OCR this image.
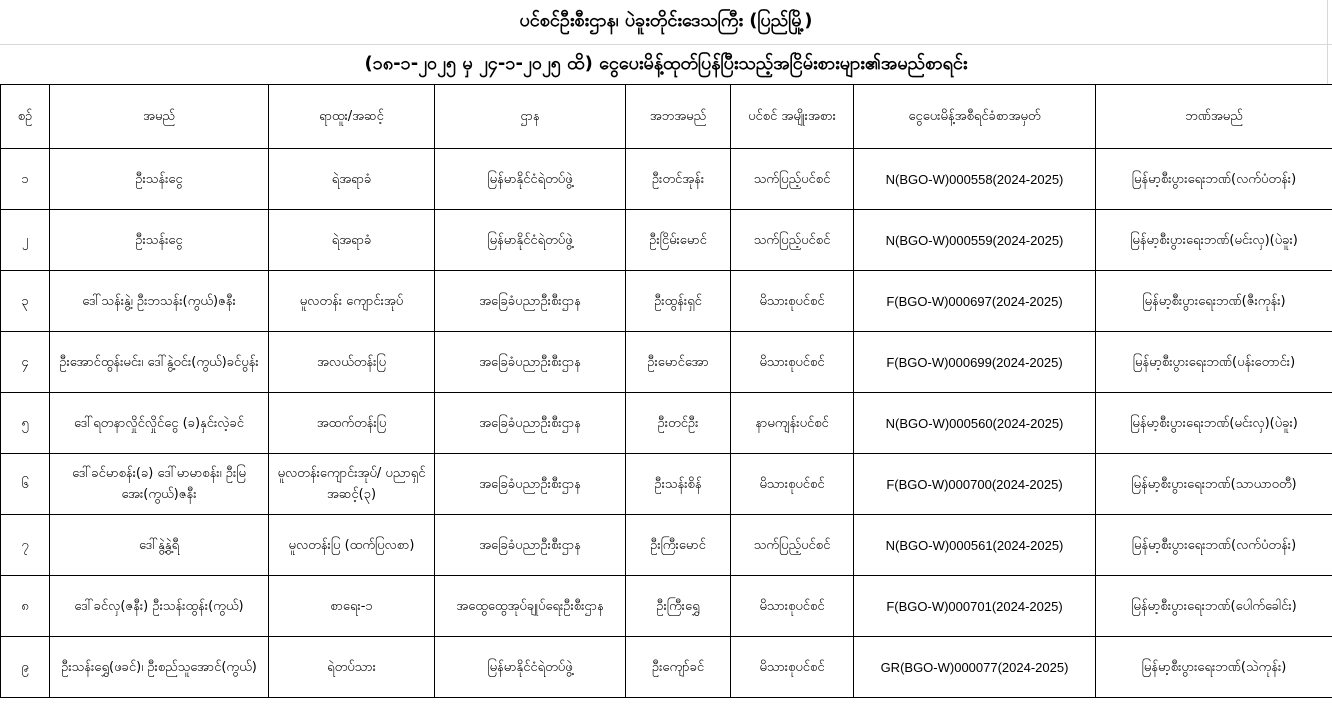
ပင်စင်ဦးစီးဌာန၊ ပဲခူးတိုင်းဒေသကြီး (ပြည်မြို့)
(၁၈-၁-၂၀၂၅ မှ ၂၄-၁-၂၀၂၅ ထိ) ငွေပေးမိန့်ထုတ်ပြန်ပြီးသည့်အငြိမ်းစားများ၏အမည်စာရင်း
စဉ်	အမည်	ရာထူး/အဆင့်	ဌာန	အဘအမည်	ပင်စင် အမျိုးအစား	ငွေပေးမိန့်အစီရင်ခံစာအမှတ်	ဘဏ်အမည်
၁	ဦးသန်းငွေ	ရဲအရာခံ	မြန်မာနိုင်ငံရဲတပ်ဖွဲ့	ဦးတင်အုန်း	သက်ပြည့်ပင်စင်	N(BGO-W)000558(2024-2025)	မြန်မာ့စီးပွားရေးဘဏ်(လက်ပံတန်း)
၂	ဦးသန်းငွေ	ရဲအရာခံ	မြန်မာနိုင်ငံရဲတပ်ဖွဲ့	ဦးငြိမ်းမောင်	သက်ပြည့်ပင်စင်	N(BGO-W)000559(2024-2025)	မြန်မာ့စီးပွားရေးဘဏ်(မင်းလှ)(ပဲခူး)
၃	ဒေါ်သန်းနွဲ့၊ ဦးဘသန်း(ကွယ်)ဇနီး	မူလတန်း ကျောင်းအုပ်	အခြေခံပညာဦးစီးဌာန	ဦးထွန်းရှင်	မိသားစုပင်စင်	F(BGO-W)000697(2024-2025)	မြန်မာ့စီးပွားရေးဘဏ်(ဇီးကုန်း)
၄	ဦးအောင်ထွန်းမင်း၊ ဒေါ်နွဲ့ဝင်း(ကွယ်)ခင်ပွန်း	အလယ်တန်းပြ	အခြေခံပညာဦးစီးဌာန	ဦးမောင်အော	မိသားစုပင်စင်	F(BGO-W)000699(2024-2025)	မြန်မာ့စီးပွားရေးဘဏ်(ပန်းတောင်း)
၅	ဒေါ်ရတနာလှိုင်လှိုင်ငွေ (ခ)နှင်းလဲ့ခင်	အထက်တန်းပြ	အခြေခံပညာဦးစီးဌာန	ဦးတင်ဦး	နာမကျန်းပင်စင်	N(BGO-W)000560(2024-2025)	မြန်မာ့စီးပွားရေးဘဏ်(မင်းလှ)(ပဲခူး)
၆	ဒေါ်ခင်မာစန်း(ခ) ဒေါ်မာမာစန်း၊ ဦးမြအေး(ကွယ်)ဇနီး	မူလတန်းကျောင်းအုပ်/ ပညာရှင်အဆင့်(၃)	အခြေခံပညာဦးစီးဌာန	ဦးသန်းစိန်	မိသားစုပင်စင်	F(BGO-W)000700(2024-2025)	မြန်မာ့စီးပွားရေးဘဏ်(သာယာဝတီ)
၇	ဒေါ်နွဲ့နွဲ့ရီ	မူလတန်းပြ (ထက်ပြလစာ)	အခြေခံပညာဦးစီးဌာန	ဦးကြီးမောင်	သက်ပြည့်ပင်စင်	N(BGO-W)000561(2024-2025)	မြန်မာ့စီးပွားရေးဘဏ်(လက်ပံတန်း)
၈	ဒေါ်ခင်လှ(ဇနီး) ဦးသန်းထွန်း(ကွယ်)	စာရေး-၁	အထွေထွေအုပ်ချုပ်ရေးဦးစီးဌာန	ဦးကြီးရွှေ	မိသားစုပင်စင်	F(BGO-W)000701(2024-2025)	မြန်မာ့စီးပွားရေးဘဏ်(ပေါက်ခေါင်း)
၉	ဦးသန်းရွှေ(ဖခင်)၊ ဦးစည်သူအောင်(ကွယ်)	ရဲတပ်သား	မြန်မာနိုင်ငံရဲတပ်ဖွဲ့	ဦးကျော်ခင်	မိသားစုပင်စင်	GR(BGO-W)000077(2024-2025)	မြန်မာ့စီးပွားရေးဘဏ်(သဲကုန်း)
